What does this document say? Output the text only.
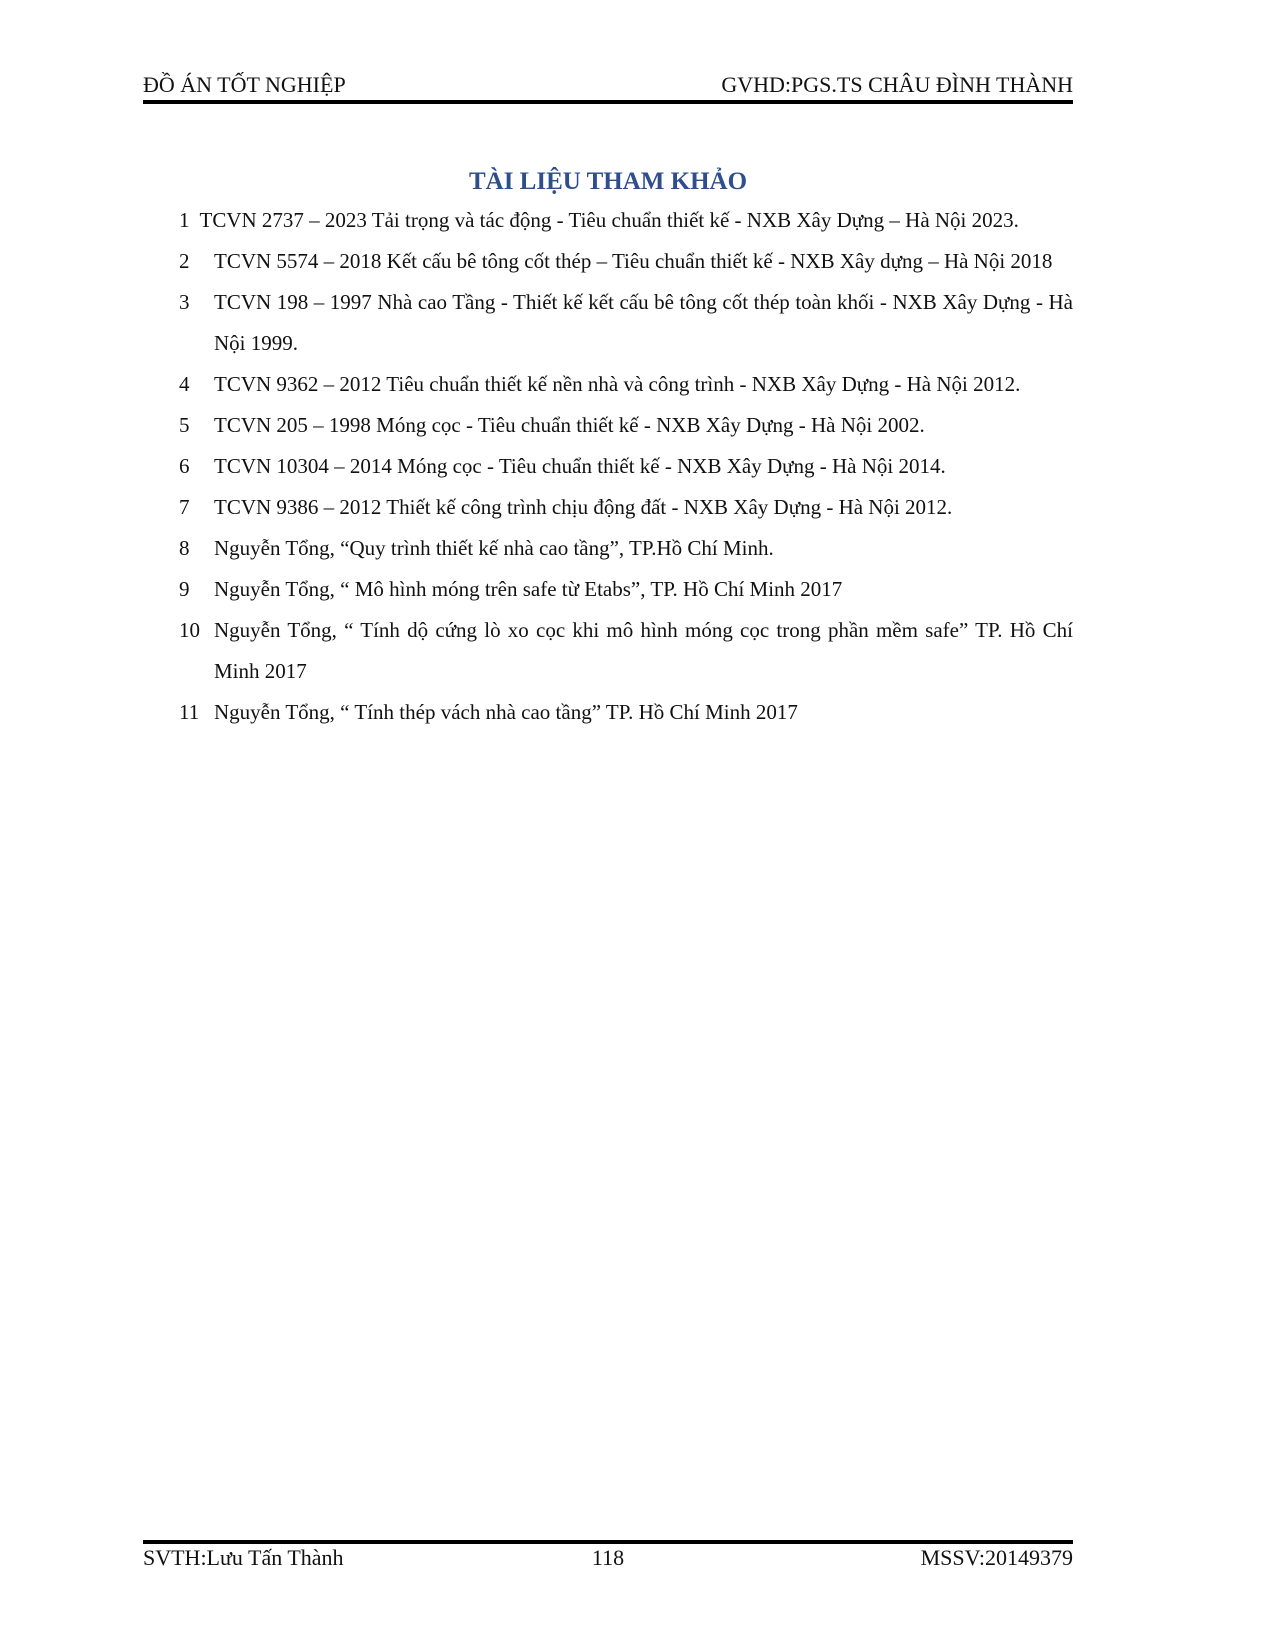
ĐỒ ÁN TỐT NGHIỆP	GVHD:PGS.TS CHÂU ĐÌNH THÀNH
TÀI LIỆU THAM KHẢO
1 TCVN 2737 – 2023 Tải trọng và tác động - Tiêu chuẩn thiết kế - NXB Xây Dựng – Hà Nội 2023.
2 TCVN 5574 – 2018 Kết cấu bê tông cốt thép – Tiêu chuẩn thiết kế - NXB Xây dựng – Hà Nội 2018
3 TCVN 198 – 1997 Nhà cao Tầng - Thiết kế kết cấu bê tông cốt thép toàn khối - NXB Xây Dựng - Hà Nội 1999.
4 TCVN 9362 – 2012 Tiêu chuẩn thiết kế nền nhà và công trình - NXB Xây Dựng - Hà Nội 2012.
5 TCVN 205 – 1998 Móng cọc - Tiêu chuẩn thiết kế - NXB Xây Dựng - Hà Nội 2002.
6 TCVN 10304 – 2014 Móng cọc - Tiêu chuẩn thiết kế - NXB Xây Dựng - Hà Nội 2014.
7 TCVN 9386 – 2012 Thiết kế công trình chịu động đất - NXB Xây Dựng - Hà Nội 2012.
8 Nguyễn Tổng, “Quy trình thiết kế nhà cao tầng”, TP.Hồ Chí Minh.
9 Nguyễn Tổng, “ Mô hình móng trên safe từ Etabs”, TP. Hồ Chí Minh 2017
10 Nguyễn Tổng, “ Tính dộ cứng lò xo cọc khi mô hình móng cọc trong phần mềm safe” TP. Hồ Chí Minh 2017
11 Nguyễn Tổng, “ Tính thép vách nhà cao tầng” TP. Hồ Chí Minh 2017
SVTH:Lưu Tấn Thành	118	MSSV:20149379
